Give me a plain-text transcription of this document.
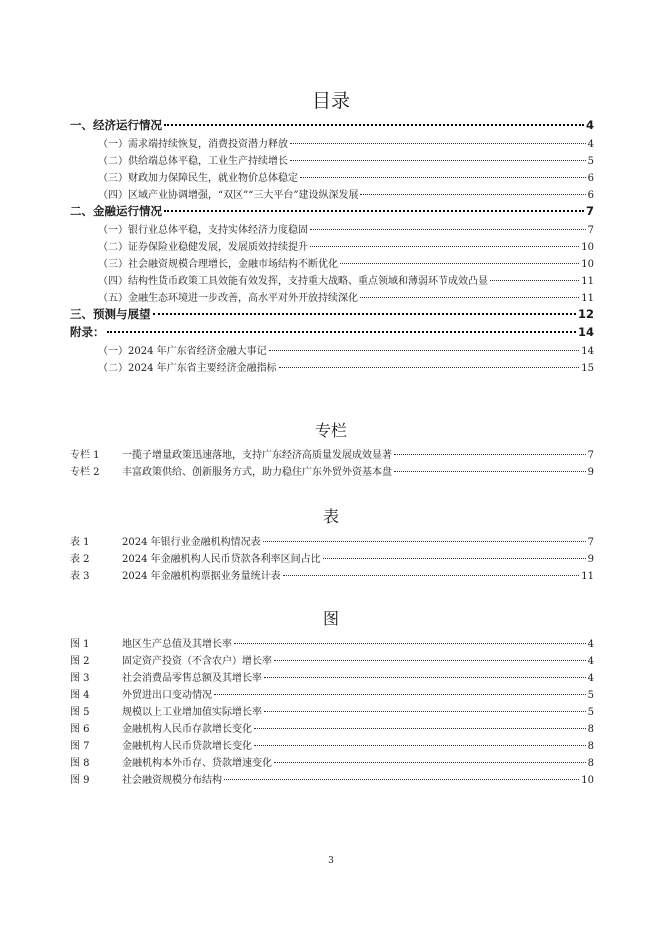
目录
一、经济运行情况	4
（一）需求端持续恢复，消费投资潜力释放	4
（二）供给端总体平稳，工业生产持续增长	5
（三）财政加力保障民生，就业物价总体稳定	6
（四）区域产业协调增强，“双区”“三大平台”建设纵深发展	6
二、金融运行情况	7
（一）银行业总体平稳，支持实体经济力度稳固	7
（二）证券保险业稳健发展，发展质效持续提升	10
（三）社会融资规模合理增长，金融市场结构不断优化	10
（四）结构性货币政策工具效能有效发挥，支持重大战略、重点领域和薄弱环节成效凸显	11
（五）金融生态环境进一步改善，高水平对外开放持续深化	11
三、预测与展望	12
附录：	14
（一）2024 年广东省经济金融大事记	14
（二）2024 年广东省主要经济金融指标	15
专栏
专栏 1	一揽子增量政策迅速落地，支持广东经济高质量发展成效显著	7
专栏 2	丰富政策供给、创新服务方式，助力稳住广东外贸外资基本盘	9
表
表 1	2024 年银行业金融机构情况表	7
表 2	2024 年金融机构人民币贷款各利率区间占比	9
表 3	2024 年金融机构票据业务量统计表	11
图
图 1	地区生产总值及其增长率	4
图 2	固定资产投资（不含农户）增长率	4
图 3	社会消费品零售总额及其增长率	4
图 4	外贸进出口变动情况	5
图 5	规模以上工业增加值实际增长率	5
图 6	金融机构人民币存款增长变化	8
图 7	金融机构人民币贷款增长变化	8
图 8	金融机构本外币存、贷款增速变化	8
图 9	社会融资规模分布结构	10
3
